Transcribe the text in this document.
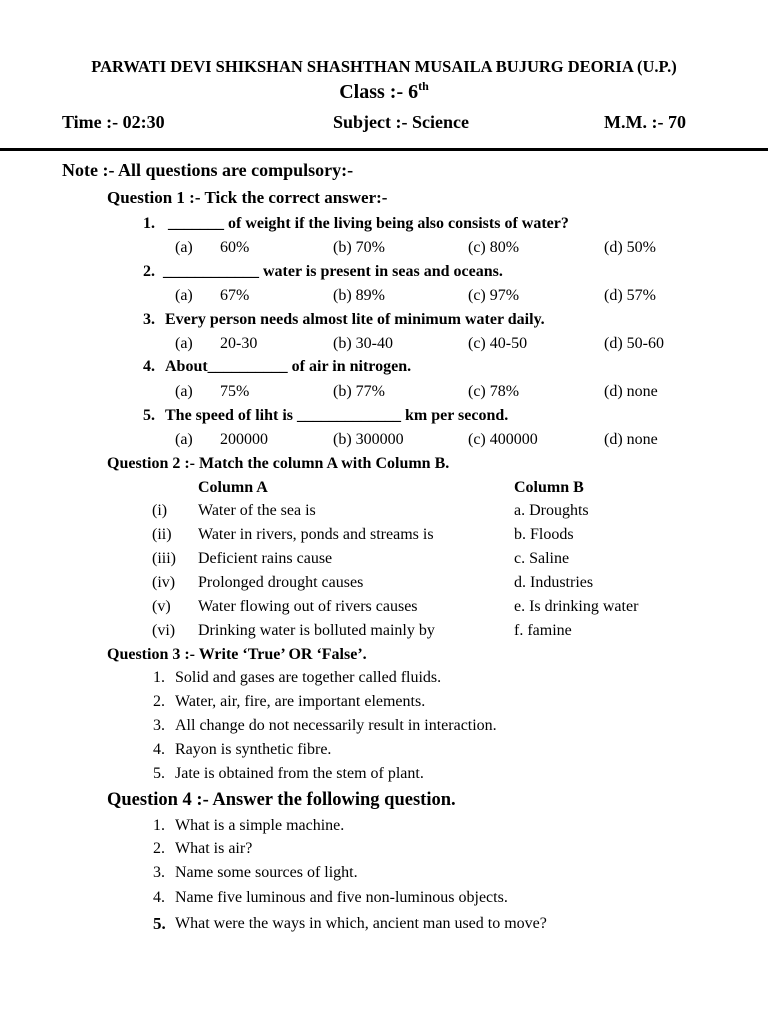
PARWATI DEVI SHIKSHAN SHASHTHAN MUSAILA BUJURG DEORIA (U.P.)
Class :- 6th
Time :- 02:30	Subject :- Science	M.M. :- 70
Note :- All questions are compulsory:-
Question 1 :- Tick the correct answer:-
1. _______ of weight if the living being also consists of water?
(a) 60%	(b) 70%	(c) 80%	(d) 50%
2. ____________ water is present in seas and oceans.
(a) 67%	(b) 89%	(c) 97%	(d) 57%
3. Every person needs almost lite of minimum water daily.
(a) 20-30	(b) 30-40	(c) 40-50	(d) 50-60
4. About__________ of air in nitrogen.
(a) 75%	(b) 77%	(c) 78%	(d) none
5. The speed of liht is _____________ km per second.
(a) 200000	(b) 300000	(c) 400000	(d) none
Question 2 :- Match the column A with Column B.
Column A	Column B
(i) Water of the sea is	a. Droughts
(ii) Water in rivers, ponds and streams is	b. Floods
(iii) Deficient rains cause	c. Saline
(iv) Prolonged drought causes	d. Industries
(v) Water flowing out of rivers causes	e. Is drinking water
(vi) Drinking water is bolluted mainly by	f. famine
Question 3 :- Write ‘True’ OR ‘False’.
1. Solid and gases are together called fluids.
2. Water, air, fire, are important elements.
3. All change do not necessarily result in interaction.
4. Rayon is synthetic fibre.
5. Jate is obtained from the stem of plant.
Question 4 :- Answer the following question.
1. What is a simple machine.
2. What is air?
3. Name some sources of light.
4. Name five luminous and five non-luminous objects.
5. What were the ways in which, ancient man used to move?
